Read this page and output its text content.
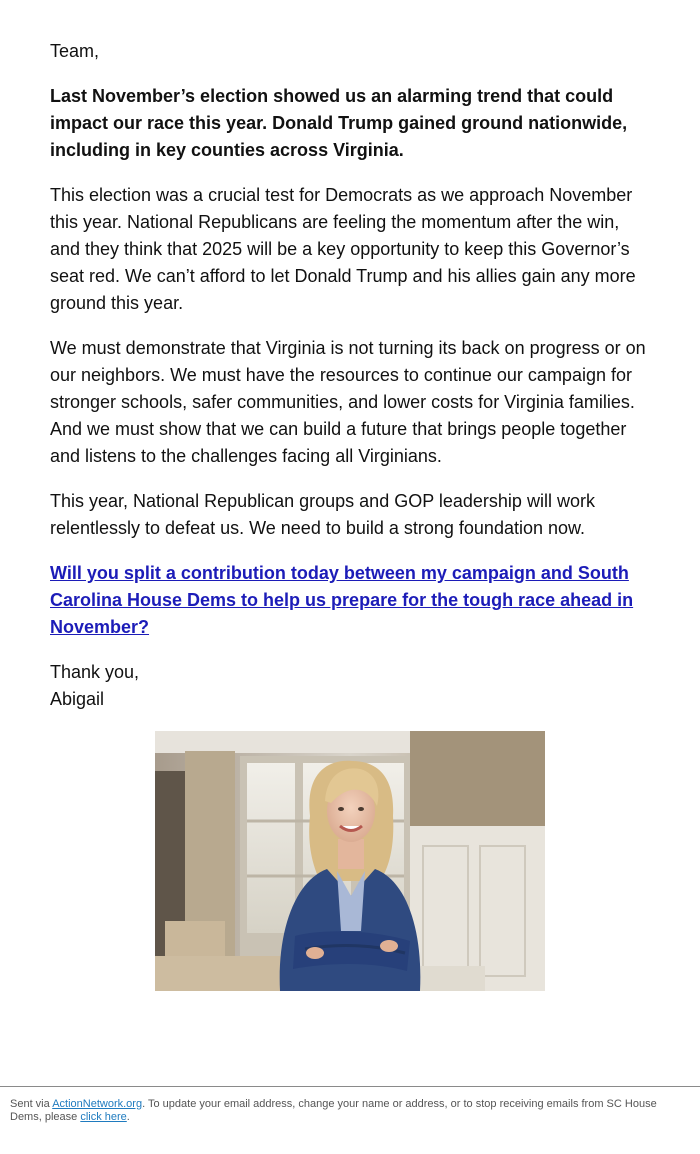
Team,

Last November’s election showed us an alarming trend that could impact our race this year. Donald Trump gained ground nationwide, including in key counties across Virginia.

This election was a crucial test for Democrats as we approach November this year. National Republicans are feeling the momentum after the win, and they think that 2025 will be a key opportunity to keep this Governor’s seat red. We can’t afford to let Donald Trump and his allies gain any more ground this year.

We must demonstrate that Virginia is not turning its back on progress or on our neighbors. We must have the resources to continue our campaign for stronger schools, safer communities, and lower costs for Virginia families. And we must show that we can build a future that brings people together and listens to the challenges facing all Virginians.

This year, National Republican groups and GOP leadership will work relentlessly to defeat us. We need to build a strong foundation now.

Will you split a contribution today between my campaign and South Carolina House Dems to help us prepare for the tough race ahead in November?

Thank you,
Abigail

Sent via ActionNetwork.org. To update your email address, change your name or address, or to stop receiving emails from SC House Dems, please click here.
